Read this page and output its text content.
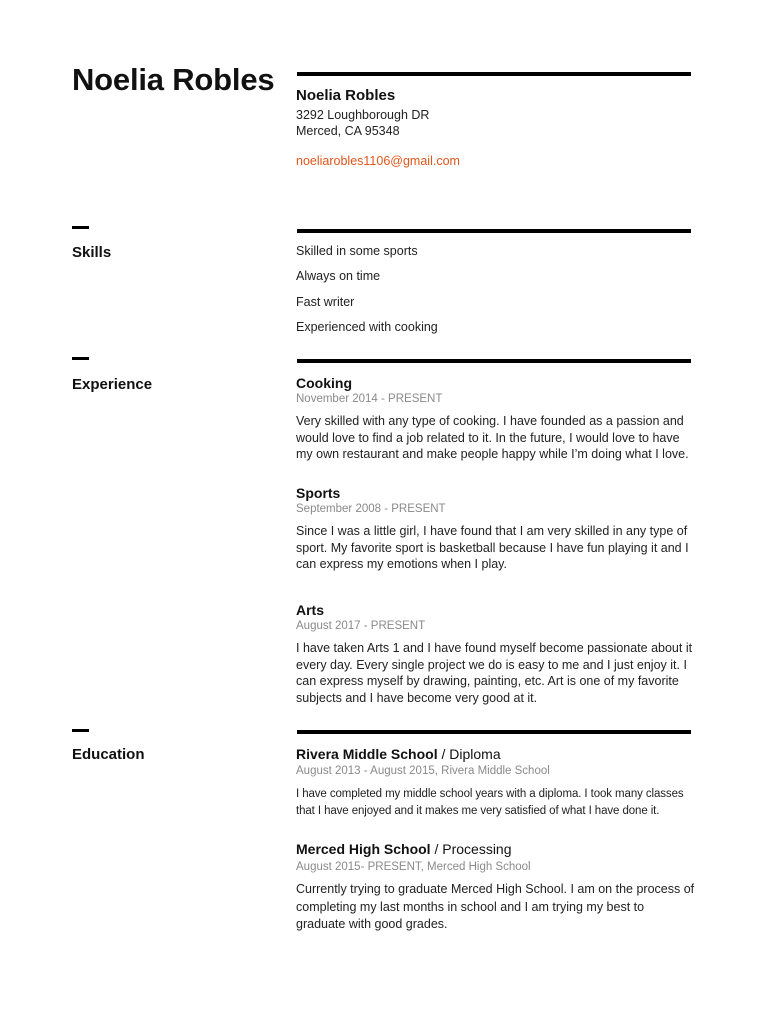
Noelia Robles Noelia Robles
3292 Loughborough DR
Merced, CA 95348
noeliarobles1106@gmail.com
Skills	Skilled in some sports
Always on time
Fast writer
Experienced with cooking
Experience	Cooking
November 2014 - PRESENT
Very skilled with any type of cooking. I have founded as a passion and would love to find a job related to it. In the future, I would love to have my own restaurant and make people happy while I’m doing what I love.
Sports
September 2008 - PRESENT
Since I was a little girl, I have found that I am very skilled in any type of sport. My favorite sport is basketball because I have fun playing it and I can express my emotions when I play.
Arts
August 2017 - PRESENT
I have taken Arts 1 and I have found myself become passionate about it every day. Every single project we do is easy to me and I just enjoy it. I can express myself by drawing, painting, etc. Art is one of my favorite subjects and I have become very good at it.
Education	Rivera Middle School / Diploma
August 2013 - August 2015, Rivera Middle School
I have completed my middle school years with a diploma. I took many classes that I have enjoyed and it makes me very satisfied of what I have done it.
Merced High School / Processing
August 2015- PRESENT, Merced High School
Currently trying to graduate Merced High School. I am on the process of completing my last months in school and I am trying my best to graduate with good grades.
